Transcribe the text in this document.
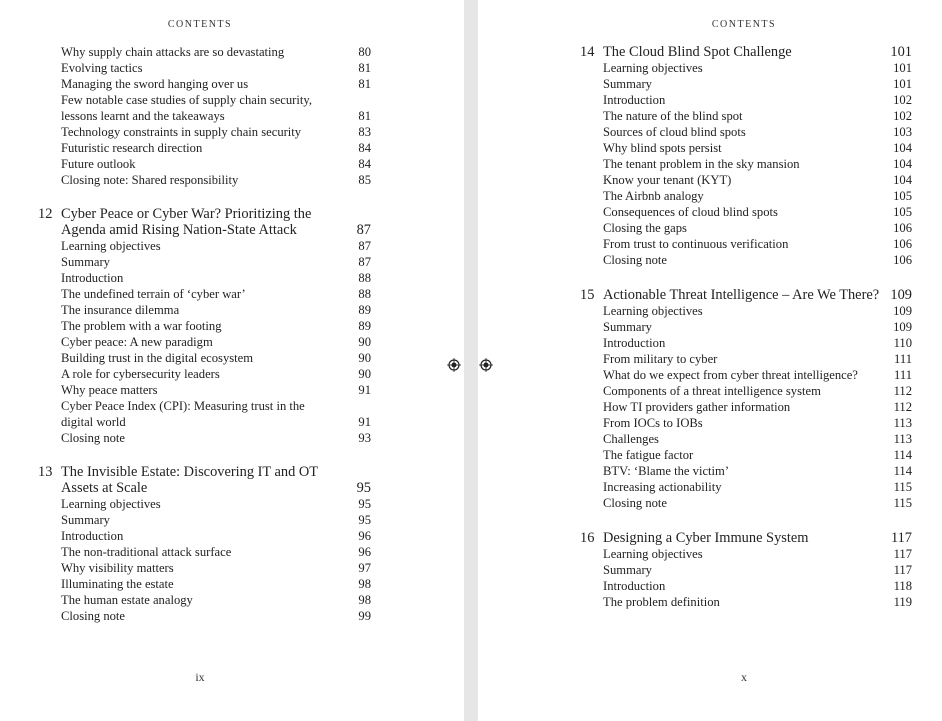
CONTENTS
Why supply chain attacks are so devastating	80
Evolving tactics	81
Managing the sword hanging over us	81
Few notable case studies of supply chain security,
lessons learnt and the takeaways	81
Technology constraints in supply chain security	83
Futuristic research direction	84
Future outlook	84
Closing note: Shared responsibility	85
12 Cyber Peace or Cyber War? Prioritizing the
Agenda amid Rising Nation-State Attack	87
Learning objectives	87
Summary	87
Introduction	88
The undefined terrain of ‘cyber war’	88
The insurance dilemma	89
The problem with a war footing	89
Cyber peace: A new paradigm	90
Building trust in the digital ecosystem	90
A role for cybersecurity leaders	90
Why peace matters	91
Cyber Peace Index (CPI): Measuring trust in the
digital world	91
Closing note	93
13 The Invisible Estate: Discovering IT and OT
Assets at Scale	95
Learning objectives	95
Summary	95
Introduction	96
The non-traditional attack surface	96
Why visibility matters	97
Illuminating the estate	98
The human estate analogy	98
Closing note	99
ix
CONTENTS
14 The Cloud Blind Spot Challenge	101
Learning objectives	101
Summary	101
Introduction	102
The nature of the blind spot	102
Sources of cloud blind spots	103
Why blind spots persist	104
The tenant problem in the sky mansion	104
Know your tenant (KYT)	104
The Airbnb analogy	105
Consequences of cloud blind spots	105
Closing the gaps	106
From trust to continuous verification	106
Closing note	106
15 Actionable Threat Intelligence – Are We There? 109
Learning objectives	109
Summary	109
Introduction	110
From military to cyber	111
What do we expect from cyber threat intelligence?	111
Components of a threat intelligence system	112
How TI providers gather information	112
From IOCs to IOBs	113
Challenges	113
The fatigue factor	114
BTV: ‘Blame the victim’	114
Increasing actionability	115
Closing note	115
16 Designing a Cyber Immune System	117
Learning objectives	117
Summary	117
Introduction	118
The problem definition	119
x
